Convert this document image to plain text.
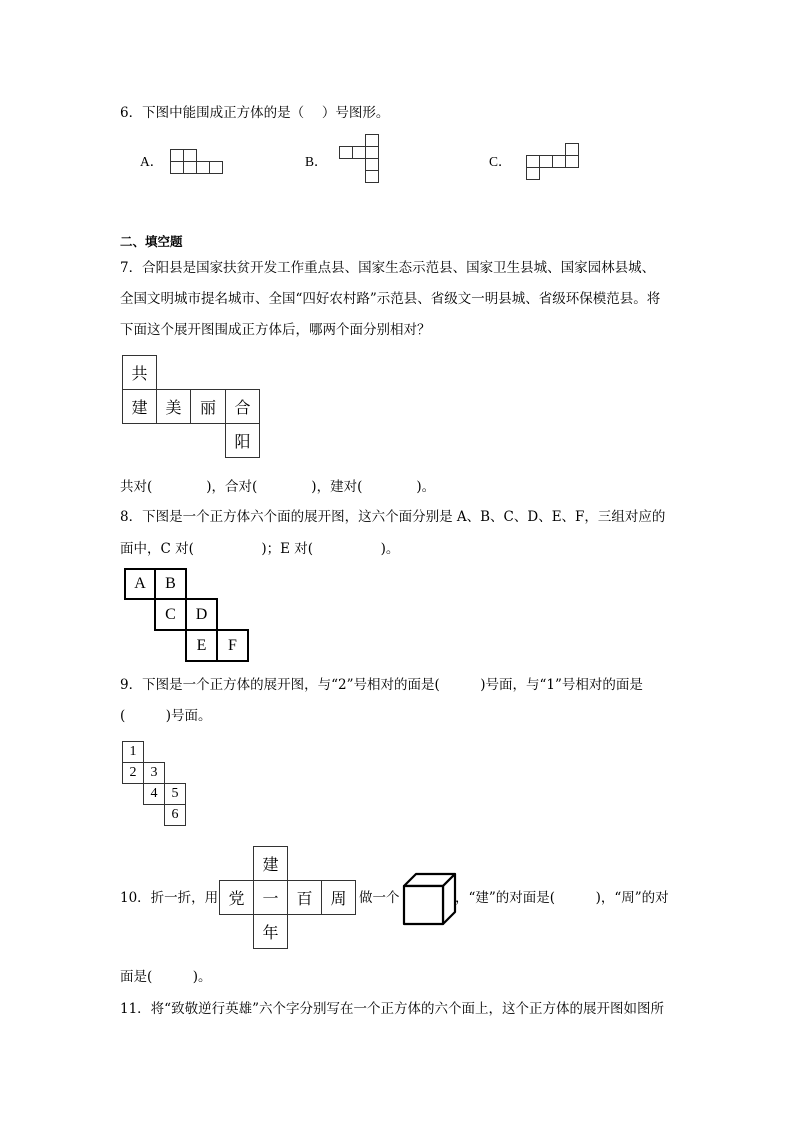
6．下图中能围成正方体的是（　 ）号图形。
A．	B．	C．
二、填空题
7．合阳县是国家扶贫开发工作重点县、国家生态示范县、国家卫生县城、国家园林县城、
全国文明城市提名城市、全国“四好农村路”示范县、省级文一明县城、省级环保模范县。将
下面这个展开图围成正方体后，哪两个面分别相对？
共
建	美	丽	合
阳
共对(　　　　)，合对(　　　　)，建对(　　　　)。
8．下图是一个正方体六个面的展开图，这六个面分别是 A、B、C、D、E、F，三组对应的
面中，C 对(　　　　　)；E 对(　　　　　)。
A	B
C	D
E	F
9．下图是一个正方体的展开图，与“2”号相对的面是(　　　)号面，与“1”号相对的面是
(　　　)号面。
1
2	3
4	5
6
10．折一折，用
建
党	一	百	周
年
做一个	，“建”的对面是(　　　)，“周”的对
面是(　　　)。
11．将“致敬逆行英雄”六个字分别写在一个正方体的六个面上，这个正方体的展开图如图所
